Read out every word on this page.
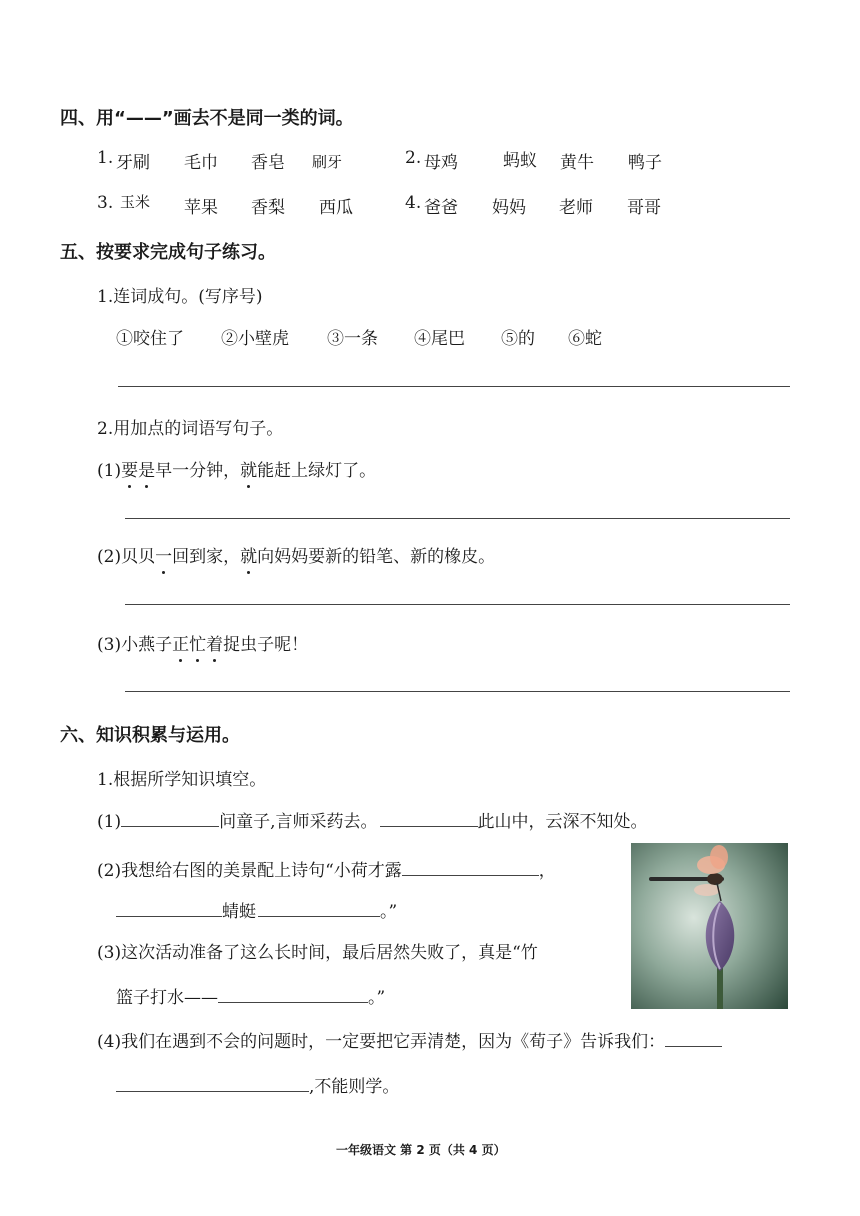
四、用“——”画去不是同一类的词。
1. 牙刷 毛巾 香皂 刷牙	2. 母鸡	蚂蚁 黄牛 鸭子
3. 玉米 苹果 香梨 西瓜	4. 爸爸 妈妈 老师 哥哥
五、按要求完成句子练习。
1.连词成句。(写序号)
①咬住了 ②小壁虎 ③一条 ④尾巴 ⑤的 ⑥蛇
2.用加点的词语写句子。
(1)要是早一分钟，就能赶上绿灯了。
(2)贝贝一回到家，就向妈妈要新的铅笔、新的橡皮。
(3)小燕子正忙着捉虫子呢！
六、知识积累与运用。
1.根据所学知识填空。
(1)	问童子,言师采药去。	此山中，云深不知处。
(2)我想给右图的美景配上诗句“小荷才露	，
蜻蜓	。”
(3)这次活动准备了这么长时间，最后居然失败了，真是“竹
篮子打水——	。”
(4)我们在遇到不会的问题时，一定要把它弄清楚，因为《荀子》告诉我们：
,不能则学。
一年级语文 第 2 页（共 4 页）
